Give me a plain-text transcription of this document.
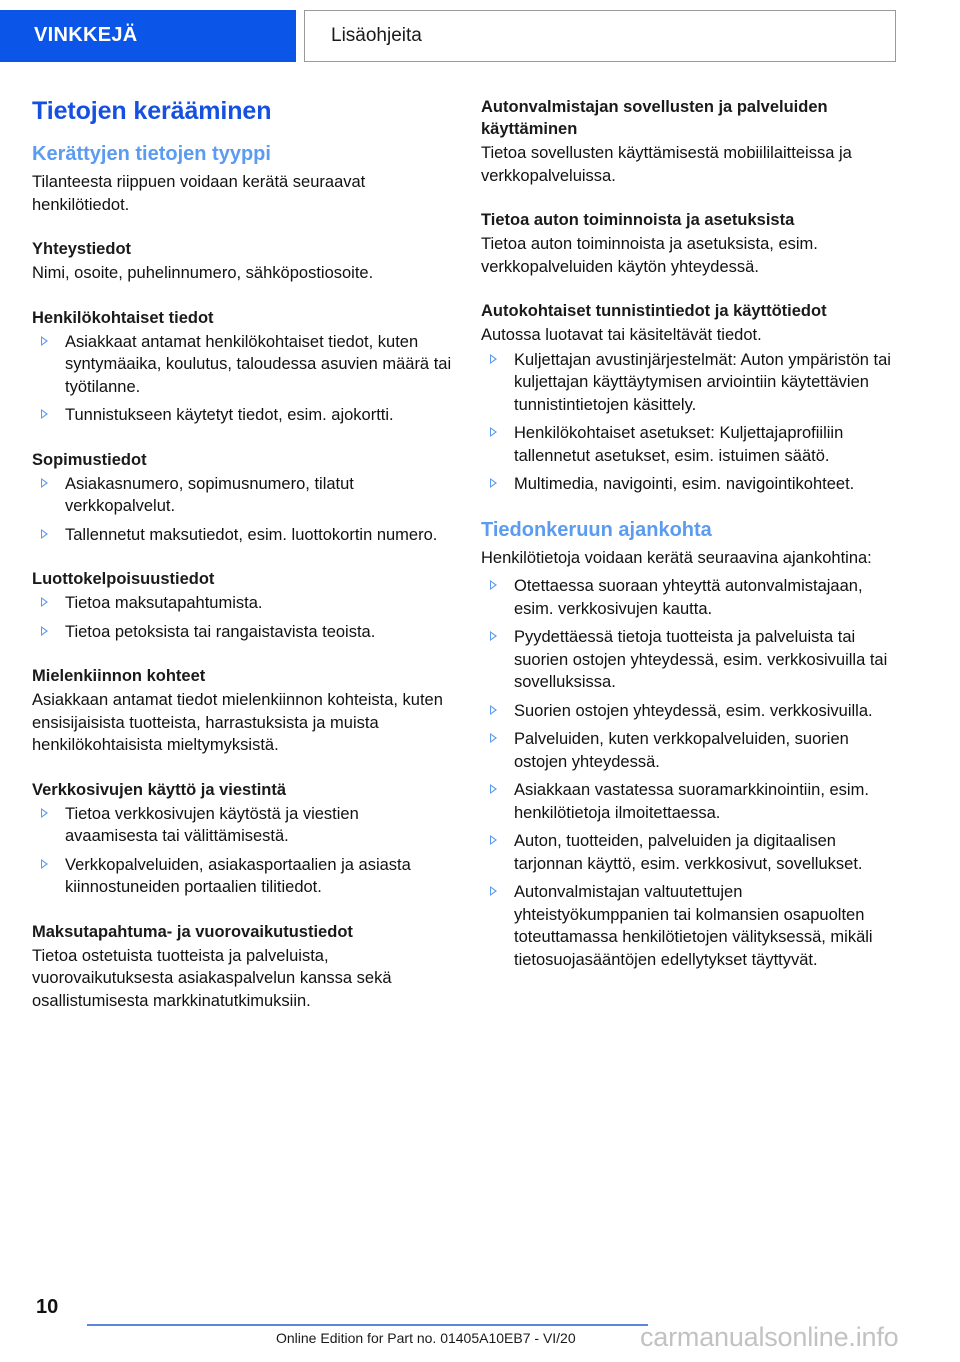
VINKKEJÄ	Lisäohjeita
Tietojen kerääminen
Kerättyjen tietojen tyyppi

Tilanteesta riippuen voidaan kerätä seuraavat henkilötiedot.

Yhteystiedot

Nimi, osoite, puhelinnumero, sähköpostiosoite.

Henkilökohtaiset tiedot
Asiakkaat antamat henkilökohtaiset tiedot, kuten syntymäaika, koulutus, taloudessa asuvien määrä tai työtilanne.
Tunnistukseen käytetyt tiedot, esim. ajokortti.
Sopimustiedot
Asiakasnumero, sopimusnumero, tilatut verkkopalvelut.
Tallennetut maksutiedot, esim. luottokortin numero.
Luottokelpoisuustiedot
Tietoa maksutapahtumista.
Tietoa petoksista tai rangaistavista teoista.
Mielenkiinnon kohteet

Asiakkaan antamat tiedot mielenkiinnon kohteista, kuten ensisijaisista tuotteista, harrastuksista ja muista henkilökohtaisista mieltymyksistä.

Verkkosivujen käyttö ja viestintä
Tietoa verkkosivujen käytöstä ja viestien avaamisesta tai välittämisestä.
Verkkopalveluiden, asiakasportaalien ja asiasta kiinnostuneiden portaalien tilitiedot.
Maksutapahtuma- ja vuorovaikutustiedot

Tietoa ostetuista tuotteista ja palveluista, vuorovaikutuksesta asiakaspalvelun kanssa sekä osallistumisesta markkinatutkimuksiin.

Autonvalmistajan sovellusten ja palveluiden käyttäminen

Tietoa sovellusten käyttämisestä mobiililaitteissa ja verkkopalveluissa.

Tietoa auton toiminnoista ja asetuksista

Tietoa auton toiminnoista ja asetuksista, esim. verkkopalveluiden käytön yhteydessä.

Autokohtaiset tunnistintiedot ja käyttötiedot

Autossa luotavat tai käsiteltävät tiedot.

Kuljettajan avustinjärjestelmät: Auton ympäristön tai kuljettajan käyttäytymisen arviointiin käytettävien tunnistintietojen käsittely.
Henkilökohtaiset asetukset: Kuljettajaprofiiliin tallennetut asetukset, esim. istuimen säätö.
Multimedia, navigointi, esim. navigointikohteet.
Tiedonkeruun ajankohta

Henkilötietoja voidaan kerätä seuraavina ajankohtina:

Otettaessa suoraan yhteyttä autonvalmistajaan, esim. verkkosivujen kautta.
Pyydettäessä tietoja tuotteista ja palveluista tai suorien ostojen yhteydessä, esim. verkkosivuilla tai sovelluksissa.
Suorien ostojen yhteydessä, esim. verkkosivuilla.
Palveluiden, kuten verkkopalveluiden, suorien ostojen yhteydessä.
Asiakkaan vastatessa suoramarkkinointiin, esim. henkilötietoja ilmoitettaessa.
Auton, tuotteiden, palveluiden ja digitaalisen tarjonnan käyttö, esim. verkkosivut, sovellukset.
Autonvalmistajan valtuutettujen yhteistyökumppanien tai kolmansien osapuolten toteuttamassa henkilötietojen välityksessä, mikäli tietosuojasääntöjen edellytykset täyttyvät.
10
Online Edition for Part no. 01405A10EB7 - VI/20 carmanualsonline.info
